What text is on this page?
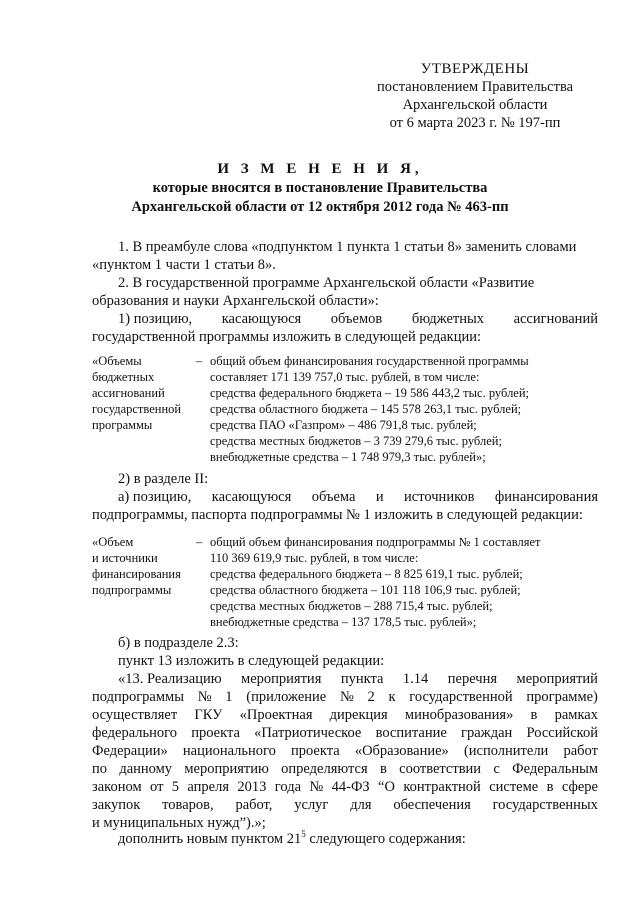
УТВЕРЖДЕНЫ
постановлением Правительства
Архангельской области
от 6 марта 2023 г. № 197-пп
И З М Е Н Е Н И Я,
которые вносятся в постановление Правительства
Архангельской области от 12 октября 2012 года № 463-пп
1. В преамбуле слова «подпунктом 1 пункта 1 статьи 8» заменить словами
«пунктом 1 части 1 статьи 8».
2. В государственной программе Архангельской области «Развитие
образования и науки Архангельской области»:
1) позицию, касающуюся объемов бюджетных ассигнований
государственной программы изложить в следующей редакции:
«Объемы
бюджетных
ассигнований
государственной
программы
– общий объем финансирования государственной программы
составляет 171 139 757,0 тыс. рублей, в том числе:
средства федерального бюджета – 19 586 443,2 тыс. рублей;
средства областного бюджета – 145 578 263,1 тыс. рублей;
средства ПАО «Газпром» – 486 791,8 тыс. рублей;
средства местных бюджетов – 3 739 279,6 тыс. рублей;
внебюджетные средства – 1 748 979,3 тыс. рублей»;
2) в разделе II:
а) позицию, касающуюся объема и источников финансирования
подпрограммы, паспорта подпрограммы № 1 изложить в следующей редакции:
«Объем
и источники
финансирования
подпрограммы
– общий объем финансирования подпрограммы № 1 составляет
110 369 619,9 тыс. рублей, в том числе:
средства федерального бюджета – 8 825 619,1 тыс. рублей;
средства областного бюджета – 101 118 106,9 тыс. рублей;
средства местных бюджетов – 288 715,4 тыс. рублей;
внебюджетные средства – 137 178,5 тыс. рублей»;
б) в подразделе 2.3:
пункт 13 изложить в следующей редакции:
«13. Реализацию мероприятия пункта 1.14 перечня мероприятий
подпрограммы № 1 (приложение № 2 к государственной программе)
осуществляет ГКУ «Проектная дирекция минобразования» в рамках
федерального проекта «Патриотическое воспитание граждан Российской
Федерации» национального проекта «Образование» (исполнители работ
по данному мероприятию определяются в соответствии с Федеральным
законом от 5 апреля 2013 года № 44-ФЗ “О контрактной системе в сфере
закупок товаров, работ, услуг для обеспечения государственных
и муниципальных нужд”).»;
дополнить новым пунктом $21^5$ следующего содержания:
